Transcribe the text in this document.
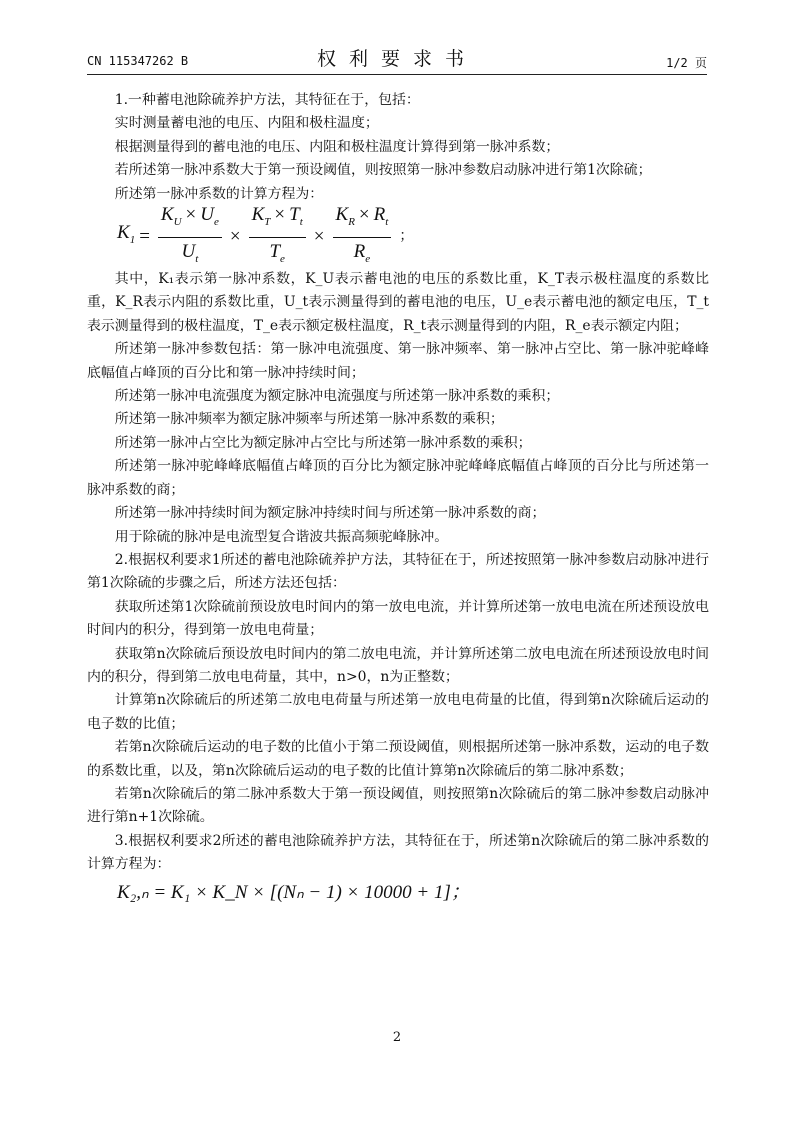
CN 115347262 B	权利要求书	1/2 页

1.一种蓄电池除硫养护方法，其特征在于，包括：

实时测量蓄电池的电压、内阻和极柱温度；

根据测量得到的蓄电池的电压、内阻和极柱温度计算得到第一脉冲系数；

若所述第一脉冲系数大于第一预设阈值，则按照第一脉冲参数启动脉冲进行第1次除硫；

所述第一脉冲系数的计算方程为：

$K_1 = \frac{K_U \times U_e}{U_t} \times \frac{K_T \times T_t}{T_e} \times \frac{K_R \times R_t}{R_e}$ ；

其中，K₁表示第一脉冲系数，K_U表示蓄电池的电压的系数比重，K_T表示极柱温度的系数比重，K_R表示内阻的系数比重，U_t表示测量得到的蓄电池的电压，U_e表示蓄电池的额定电压，T_t表示测量得到的极柱温度，T_e表示额定极柱温度，R_t表示测量得到的内阻，R_e表示额定内阻；

所述第一脉冲参数包括：第一脉冲电流强度、第一脉冲频率、第一脉冲占空比、第一脉冲驼峰峰底幅值占峰顶的百分比和第一脉冲持续时间；

所述第一脉冲电流强度为额定脉冲电流强度与所述第一脉冲系数的乘积；

所述第一脉冲频率为额定脉冲频率与所述第一脉冲系数的乘积；

所述第一脉冲占空比为额定脉冲占空比与所述第一脉冲系数的乘积；

所述第一脉冲驼峰峰底幅值占峰顶的百分比为额定脉冲驼峰峰底幅值占峰顶的百分比与所述第一脉冲系数的商；

所述第一脉冲持续时间为额定脉冲持续时间与所述第一脉冲系数的商；

用于除硫的脉冲是电流型复合谐波共振高频驼峰脉冲。

2.根据权利要求1所述的蓄电池除硫养护方法，其特征在于，所述按照第一脉冲参数启动脉冲进行第1次除硫的步骤之后，所述方法还包括：

获取所述第1次除硫前预设放电时间内的第一放电电流，并计算所述第一放电电流在所述预设放电时间内的积分，得到第一放电电荷量；

获取第n次除硫后预设放电时间内的第二放电电流，并计算所述第二放电电流在所述预设放电时间内的积分，得到第二放电电荷量，其中，n>0，n为正整数；

计算第n次除硫后的所述第二放电电荷量与所述第一放电电荷量的比值，得到第n次除硫后运动的电子数的比值；

若第n次除硫后运动的电子数的比值小于第二预设阈值，则根据所述第一脉冲系数，运动的电子数的系数比重，以及，第n次除硫后运动的电子数的比值计算第n次除硫后的第二脉冲系数；

若第n次除硫后的第二脉冲系数大于第一预设阈值，则按照第n次除硫后的第二脉冲参数启动脉冲进行第n+1次除硫。

3.根据权利要求2所述的蓄电池除硫养护方法，其特征在于，所述第n次除硫后的第二脉冲系数的计算方程为：

K₂,ₙ = K₁ × K_N × [(Nₙ − 1) × 10000 + 1]；
2
